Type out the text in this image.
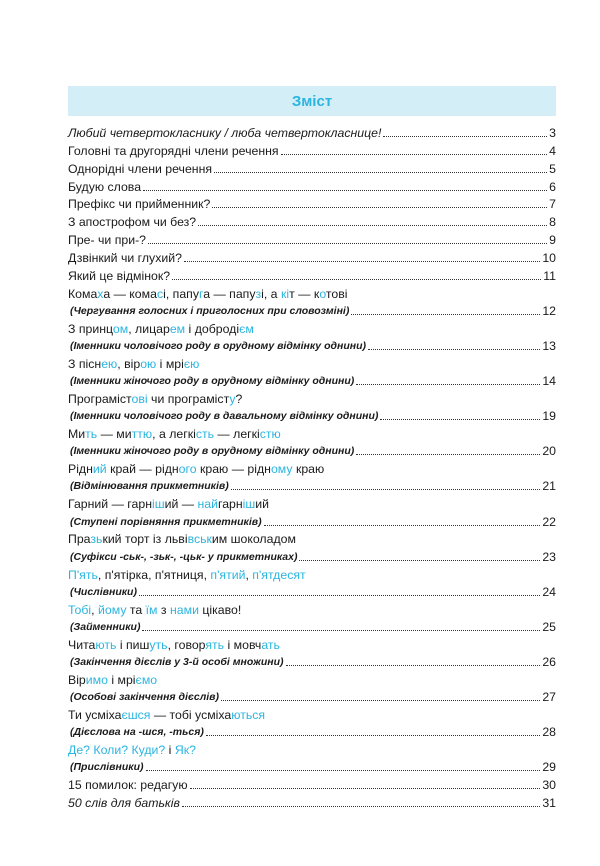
Зміст
Любий четвертокласнику / люба четвертокласнице!	3
Головні та другорядні члени речення	4
Однорідні члени речення	5
Будую слова	6
Префікс чи прийменник?	7
З апострофом чи без?	8
Пре- чи при-?	9
Дзвінкий чи глухий?	10
Який це відмінок?	11
Комаха — комасі, папуга — папузі, а кіт — котові
(Чергування голосних і приголосних при словозміні)	12
З принцом, лицарем і добродiєм
(Іменники чоловічого роду в орудному відмінку однини)	13
З піснею, вірою і мрією
(Іменники жіночого роду в орудному відмінку однини)	14
Програмістові чи програмісту?
(Іменники чоловічого роду в давальному відмінку однини)	19
Мить — миттю, а легкість — легкістю
(Іменники жіночого роду в орудному відмінку однини)	20
Рідний край — рідного краю — рідному краю
(Відмінювання прикметників)	21
Гарний — гарніший — найгарніший
(Ступені порівняння прикметників)	22
Празький торт із львівським шоколадом
(Суфікси -ськ-, -зьк-, -цьк- у прикметниках)	23
П'ять, п'ятірка, п'ятниця, п'ятий, п'ятдесят
(Числівники)	24
Тобі, йому та їм з нами цікаво!
(Займенники)	25
Читають і пишуть, говорять і мовчать
(Закінчення дієслів у 3-й особі множини)	26
Віримо і мріємо
(Особові закінчення дієслів)	27
Ти усміхаєшся — тобі усміхаються
(Дієслова на -шся, -ться)	28
Де? Коли? Куди? і Як?
(Прислівники)	29
15 помилок: редагую	30
50 слів для батьків	31
